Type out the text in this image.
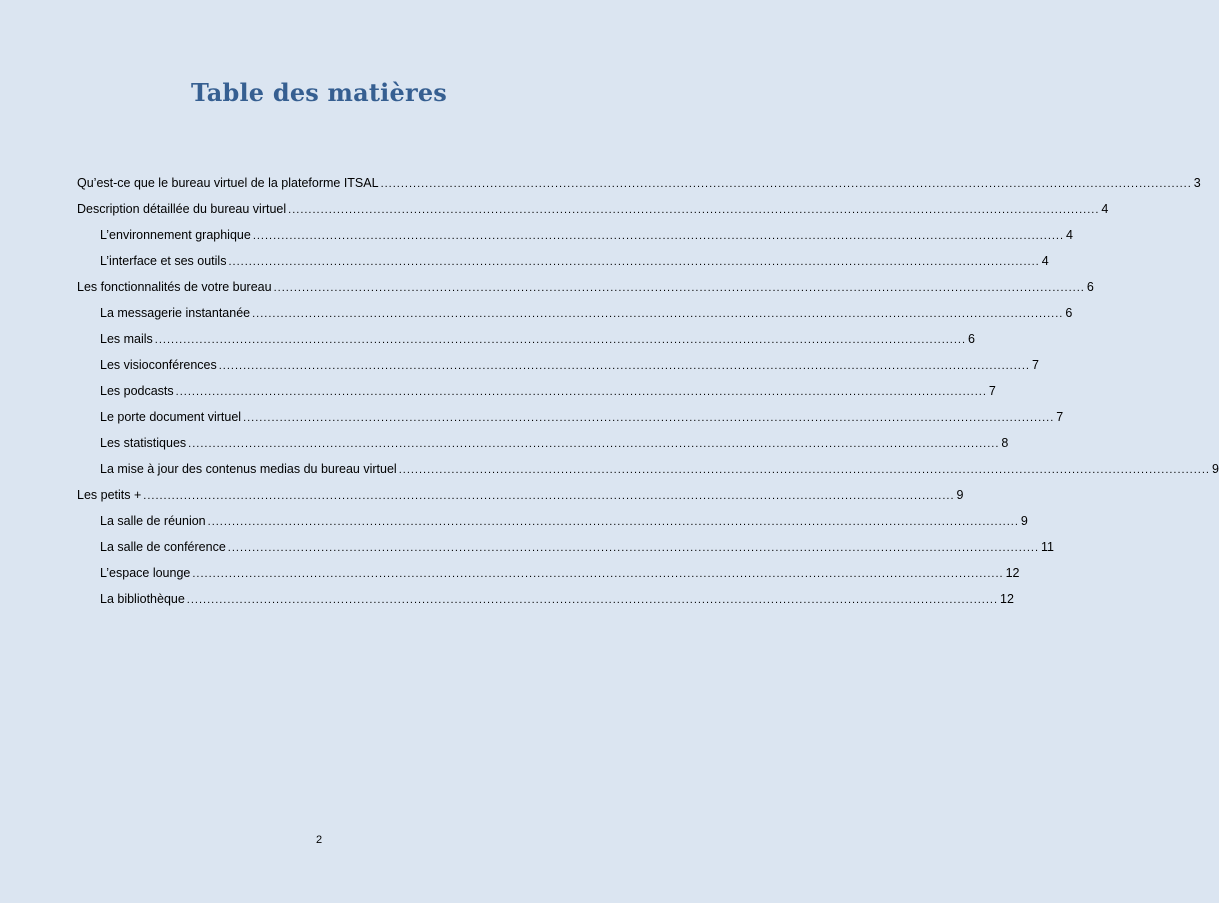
Table des matières
Qu’est-ce que le bureau virtuel de la plateforme ITSAL ........................................................................................................................................................................................................ 3
Description détaillée du bureau virtuel ........................................................................................................................................................................................................ 4
L’environnement graphique ........................................................................................................................................................................................................ 4
L’interface et ses outils ........................................................................................................................................................................................................ 4
Les fonctionnalités de votre bureau ........................................................................................................................................................................................................ 6
La messagerie instantanée ........................................................................................................................................................................................................ 6
Les mails ........................................................................................................................................................................................................ 6
Les visioconférences ........................................................................................................................................................................................................ 7
Les podcasts ........................................................................................................................................................................................................ 7
Le porte document virtuel ........................................................................................................................................................................................................ 7
Les statistiques ........................................................................................................................................................................................................ 8
La mise à jour des contenus medias du bureau virtuel ........................................................................................................................................................................................................ 9
Les petits + ........................................................................................................................................................................................................ 9
La salle de réunion ........................................................................................................................................................................................................ 9
La salle de conférence ........................................................................................................................................................................................................ 11
L’espace lounge ........................................................................................................................................................................................................ 12
La bibliothèque ........................................................................................................................................................................................................ 12
2
